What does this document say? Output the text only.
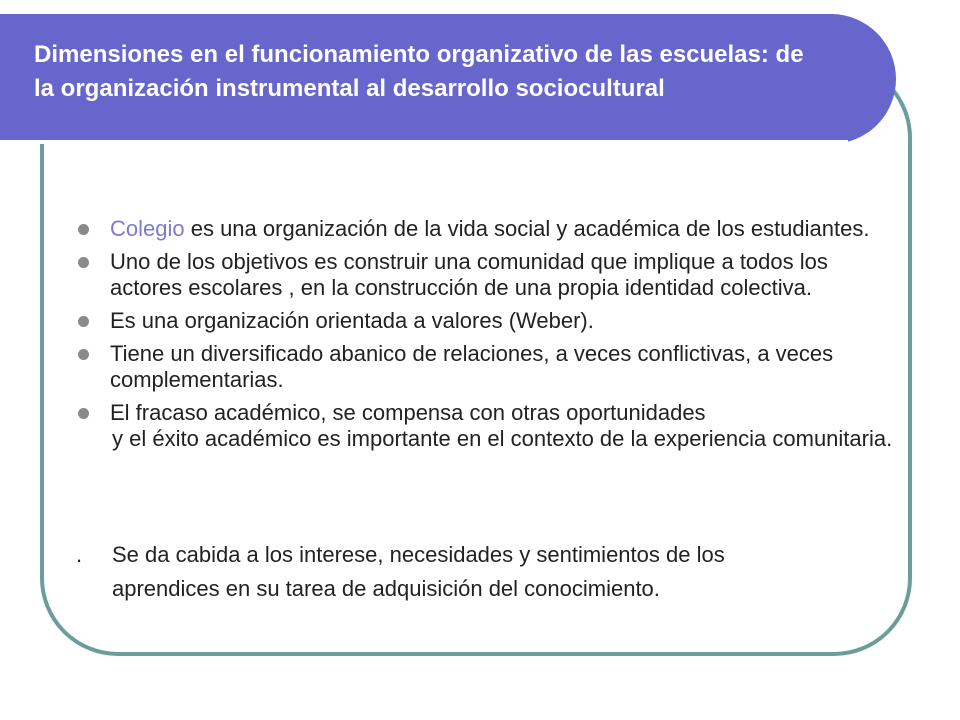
Dimensiones en el funcionamiento organizativo de las escuelas: de la organización instrumental al desarrollo sociocultural
Colegio es una organización de la vida social y académica de los estudiantes.
Uno de los objetivos es construir una comunidad que implique a todos los actores escolares , en la construcción de una propia identidad colectiva.
Es una organización orientada a valores (Weber).
Tiene un diversificado abanico de relaciones, a veces conflictivas, a veces complementarias.
El fracaso académico, se compensa con otras oportunidades
y el éxito académico es importante en el contexto de la experiencia comunitaria.
. Se da cabida a los interese, necesidades y sentimientos de los
aprendices en su tarea de adquisición del conocimiento.
